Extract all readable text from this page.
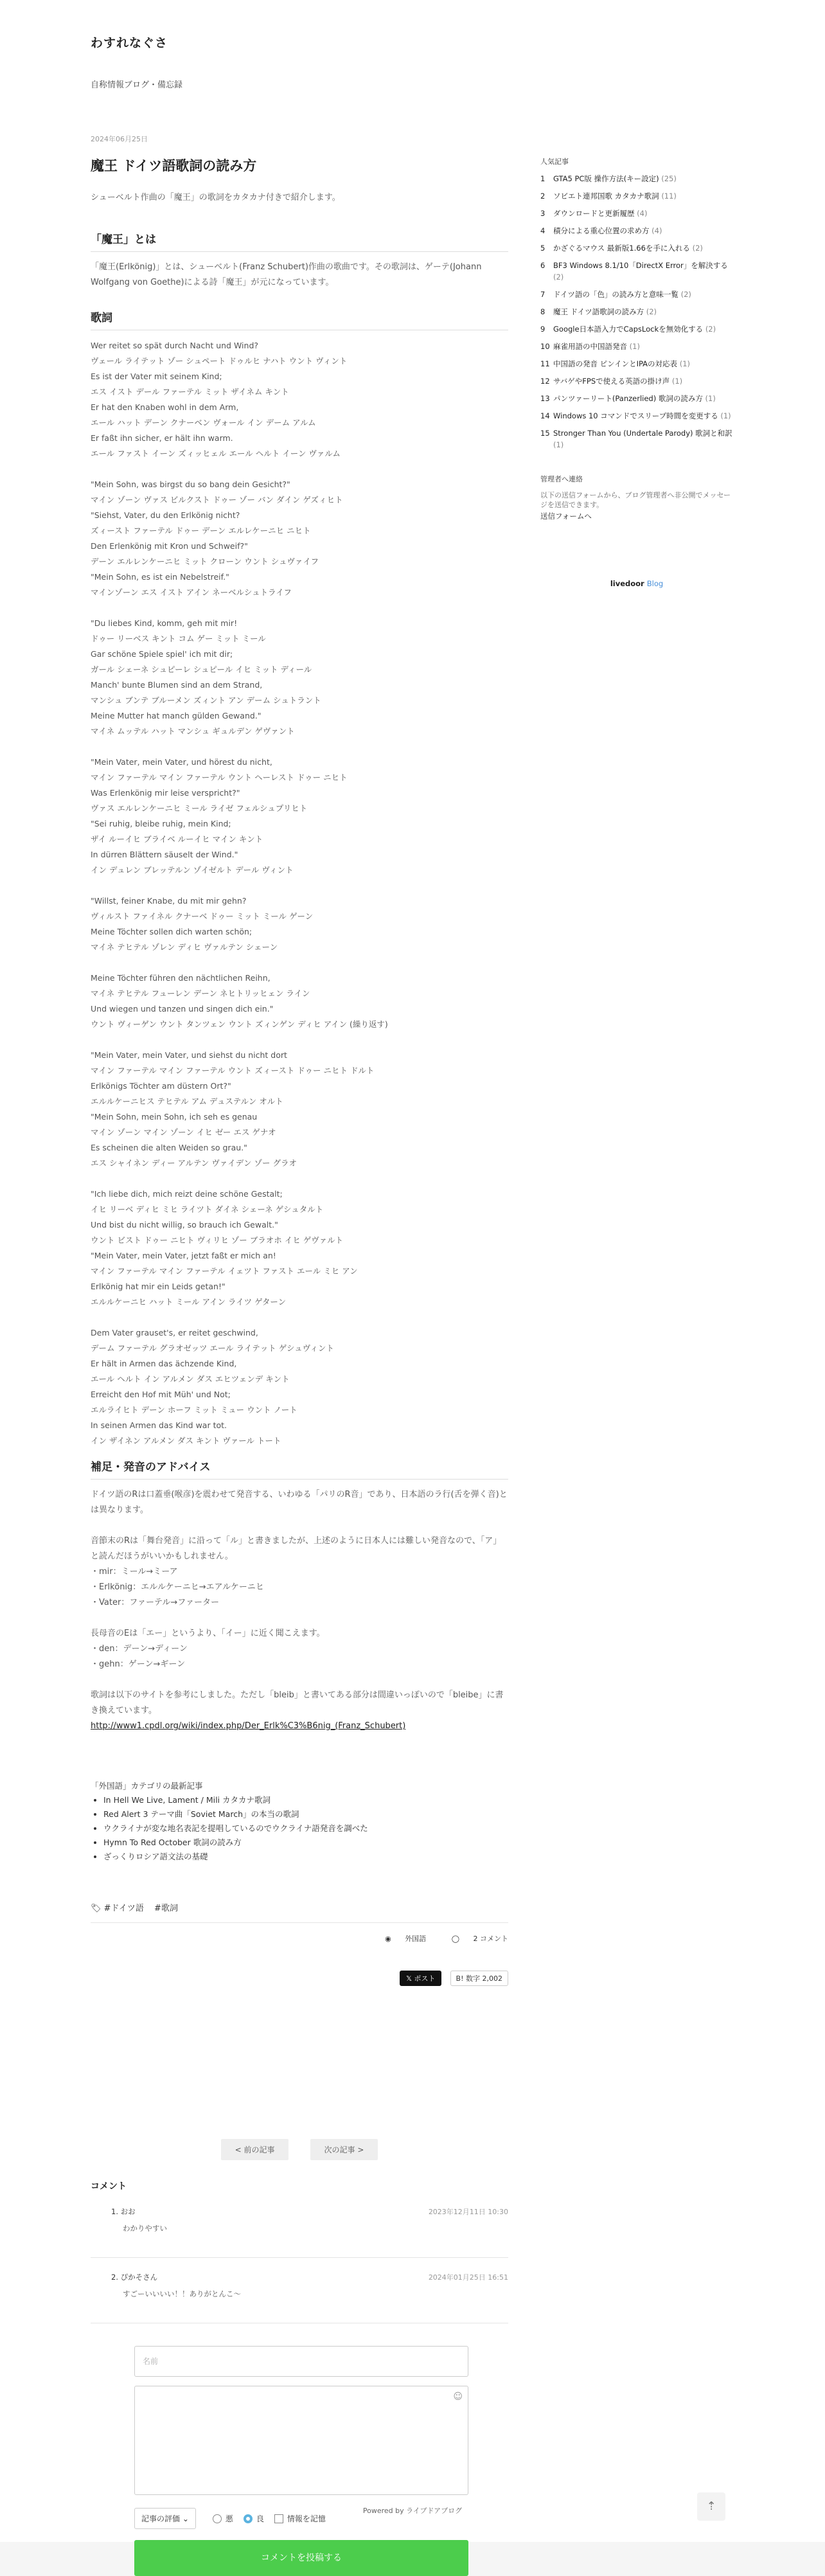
わすれなぐさ
自称情報ブログ・備忘録
2024年06月25日
魔王 ドイツ語歌詞の読み方

シューベルト作曲の「魔王」の歌詞をカタカナ付きで紹介します。

「魔王」とは

「魔王(Erlkönig)」とは、シューベルト(Franz Schubert)作曲の歌曲です。その歌詞は、ゲーテ(Johann Wolfgang von Goethe)による詩「魔王」が元になっています。

歌詞
Wer reitet so spät durch Nacht und Wind?
ヴェール ライテット ゾー シュペート ドゥルヒ ナハト ウント ヴィント
Es ist der Vater mit seinem Kind;
エス イスト デール ファーテル ミット ザイネム キント
Er hat den Knaben wohl in dem Arm,
エール ハット デーン クナーベン ヴォール イン デーム アルム
Er faßt ihn sicher, er hält ihn warm.
エール ファスト イーン ズィッヒェル エール ヘルト イーン ヴァルム
"Mein Sohn, was birgst du so bang dein Gesicht?"
マイン ゾーン ヴァス ビルクスト ドゥー ゾー バン ダイン ゲズィヒト
"Siehst, Vater, du den Erlkönig nicht?
ズィースト ファーテル ドゥー デーン エルレケーニヒ ニヒト
Den Erlenkönig mit Kron und Schweif?"
デーン エルレンケーニヒ ミット クローン ウント シュヴァイフ
"Mein Sohn, es ist ein Nebelstreif."
マインゾーン エス イスト アイン ネーベルシュトライフ
"Du liebes Kind, komm, geh mit mir!
ドゥー リーベス キント コム ゲー ミット ミール
Gar schöne Spiele spiel' ich mit dir;
ガール シェーネ シュピーレ シュピール イヒ ミット ディール
Manch' bunte Blumen sind an dem Strand,
マンシュ ブンテ ブルーメン ズィント アン デーム シュトラント
Meine Mutter hat manch gülden Gewand."
マイネ ムッテル ハット マンシュ ギュルデン ゲヴァント
"Mein Vater, mein Vater, und hörest du nicht,
マイン ファーテル マイン ファーテル ウント ヘーレスト ドゥー ニヒト
Was Erlenkönig mir leise verspricht?"
ヴァス エルレンケーニヒ ミール ライゼ フェルシュプリヒト
"Sei ruhig, bleibe ruhig, mein Kind;
ザイ ルーイヒ ブライベ ルーイヒ マイン キント
In dürren Blättern säuselt der Wind."
イン デュレン ブレッテルン ゾイゼルト デール ヴィント
"Willst, feiner Knabe, du mit mir gehn?
ヴィルスト ファイネル クナーベ ドゥー ミット ミール ゲーン
Meine Töchter sollen dich warten schön;
マイネ テヒテル ゾレン ディヒ ヴァルテン シェーン
Meine Töchter führen den nächtlichen Reihn,
マイネ テヒテル フューレン デーン ネヒトリッヒェン ライン
Und wiegen und tanzen und singen dich ein."
ウント ヴィーゲン ウント タンツェン ウント ズィンゲン ディヒ アイン (繰り返す)
"Mein Vater, mein Vater, und siehst du nicht dort
マイン ファーテル マイン ファーテル ウント ズィースト ドゥー ニヒト ドルト
Erlkönigs Töchter am düstern Ort?"
エルルケーニヒス テヒテル アム デュステルン オルト
"Mein Sohn, mein Sohn, ich seh es genau
マイン ゾーン マイン ゾーン イヒ ゼー エス ゲナオ
Es scheinen die alten Weiden so grau."
エス シャイネン ディー アルテン ヴァイデン ゾー グラオ
"Ich liebe dich, mich reizt deine schöne Gestalt;
イヒ リーベ ディヒ ミヒ ライツト ダイネ シェーネ ゲシュタルト
Und bist du nicht willig, so brauch ich Gewalt."
ウント ビスト ドゥー ニヒト ヴィリヒ ゾー ブラオホ イヒ ゲヴァルト
"Mein Vater, mein Vater, jetzt faßt er mich an!
マイン ファーテル マイン ファーテル イェツト ファスト エール ミヒ アン
Erlkönig hat mir ein Leids getan!"
エルルケーニヒ ハット ミール アイン ライツ ゲターン
Dem Vater grauset's, er reitet geschwind,
デーム ファーテル グラオゼッツ エール ライテット ゲシュヴィント
Er hält in Armen das ächzende Kind,
エール ヘルト イン アルメン ダス エヒツェンデ キント
Erreicht den Hof mit Müh' und Not;
エルライヒト デーン ホーフ ミット ミュー ウント ノート
In seinen Armen das Kind war tot.
イン ザイネン アルメン ダス キント ヴァール トート
補足・発音のアドバイス
ドイツ語のRは口蓋垂(喉彦)を震わせて発音する、いわゆる「パリのR音」であり、日本語のラ行(舌を弾く音)とは異なります。
音節末のRは「舞台発音」に沿って「ル」と書きましたが、上述のように日本人には難しい発音なので、「ア」と読んだほうがいいかもしれません。
・mir：ミール→ミーア
・Erlkönig：エルルケーニヒ→エアルケーニヒ
・Vater：ファーテル→ファーター
長母音のEは「エー」というより、「イー」に近く聞こえます。
・den：デーン→ディーン
・gehn：ゲーン→ギーン
歌詞は以下のサイトを参考にしました。ただし「bleib」と書いてある部分は間違いっぽいので「bleibe」に書き換えています。
http://www1.cpdl.org/wiki/index.php/Der_Erlk%C3%B6nig_(Franz_Schubert)
「外国語」カテゴリの最新記事
• In Hell We Live, Lament / Mili カタカナ歌詞
• Red Alert 3 テーマ曲「Soviet March」の本当の歌詞
• ウクライナが変な地名表記を提唱しているのでウクライナ語発音を調べた
• Hymn To Red October 歌詞の読み方
• ざっくりロシア語文法の基礎
🏷 #ドイツ語 #歌詞
◉ 外国語	◯ 2 コメント
𝕏 ポスト	B! 数字 2,002
< 前の記事	次の記事 >
コメント
1. おお	2023年12月11日 10:30
わかりやすい
2. ぴかそさん	2024年01月25日 16:51
すごーいいいい！！ありがとんこ〜
名前
☺
記事の評価 ⌄	悪	良	情報を記憶
コメントを投稿する
人気記事
1	GTA5 PC版 操作方法(キー設定) (25)
2	ソビエト連邦国歌 カタカナ歌詞 (11)
3	ダウンロードと更新履歴 (4)
4	積分による重心位置の求め方 (4)
5	かざぐるマウス 最新版1.66を手に入れる (2)
6	BF3 Windows 8.1/10「DirectX Error」を解決する (2)
7	ドイツ語の「色」の読み方と意味一覧 (2)
8	魔王 ドイツ語歌詞の読み方 (2)
9	Google日本語入力でCapsLockを無効化する (2)
10 麻雀用語の中国語発音 (1)
11 中国語の発音 ピンインとIPAの対応表 (1)
12 サバゲやFPSで使える英語の掛け声 (1)
13 パンツァーリート(Panzerlied) 歌詞の読み方 (1)
14 Windows 10 コマンドでスリープ時間を変更する (1)
15 Stronger Than You (Undertale Parody) 歌詞と和訳 (1)
管理者へ連絡

以下の送信フォームから、ブログ管理者へ非公開でメッセージを送信できます。

送信フォームへ
livedoor Blog
Powered by ライブドアブログ	⇡
